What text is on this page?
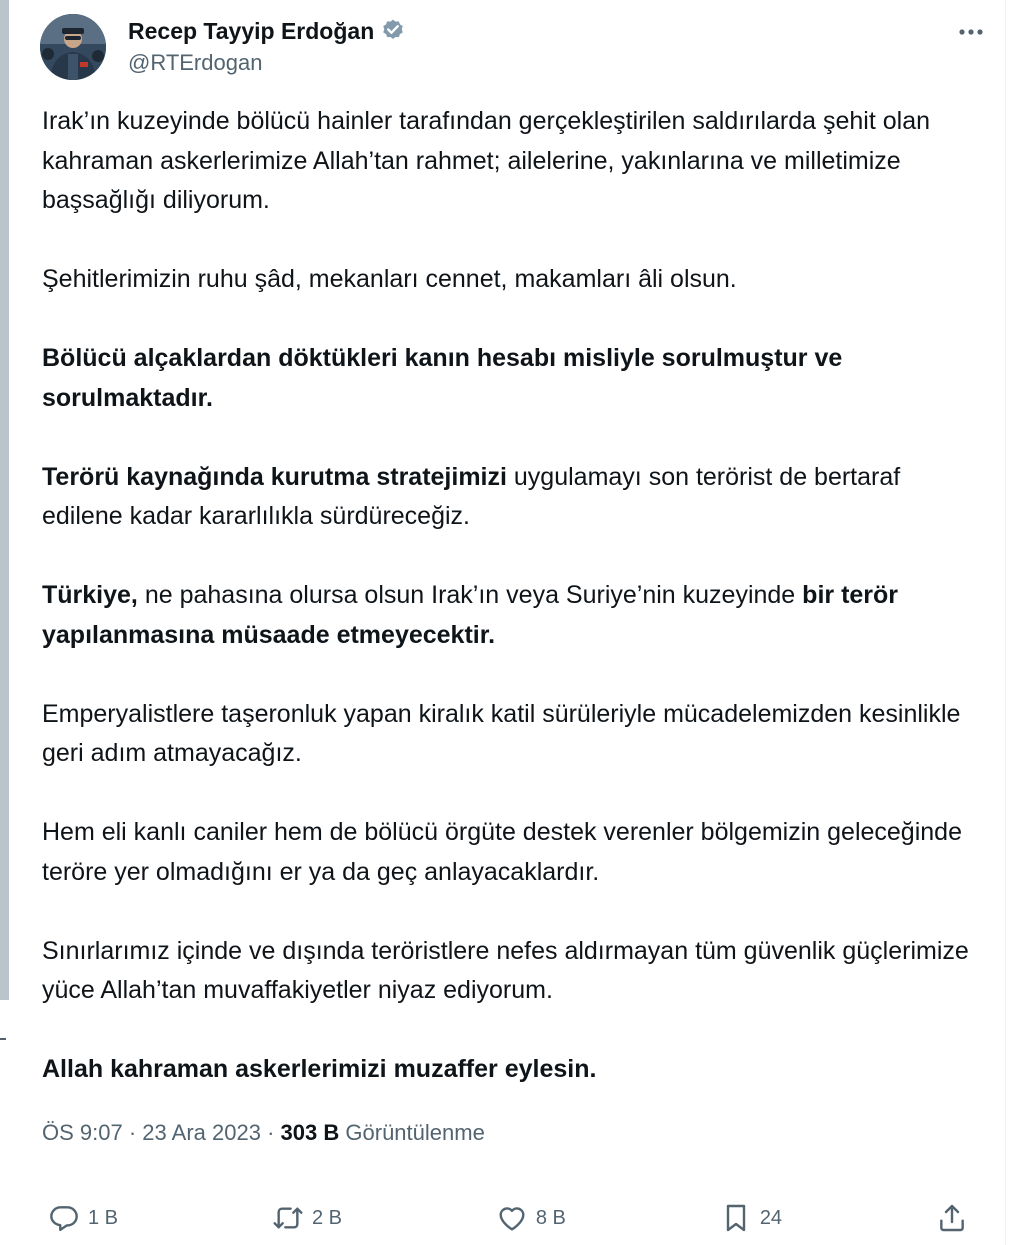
Recep Tayyip Erdoğan
@RTErdogan

Irak’ın kuzeyinde bölücü hainler tarafından gerçekleştirilen saldırılarda şehit olan kahraman askerlerimize Allah’tan rahmet; ailelerine, yakınlarına ve milletimize başsağlığı diliyorum.

Şehitlerimizin ruhu şâd, mekanları cennet, makamları âli olsun.

Bölücü alçaklardan döktükleri kanın hesabı misliyle sorulmuştur ve sorulmaktadır.

Terörü kaynağında kurutma stratejimizi uygulamayı son terörist de bertaraf edilene kadar kararlılıkla sürdüreceğiz.

Türkiye, ne pahasına olursa olsun Irak’ın veya Suriye’nin kuzeyinde bir terör yapılanmasına müsaade etmeyecektir.

Emperyalistlere taşeronluk yapan kiralık katil sürüleriyle mücadelemizden kesinlikle geri adım atmayacağız.

Hem eli kanlı caniler hem de bölücü örgüte destek verenler bölgemizin geleceğinde teröre yer olmadığını er ya da geç anlayacaklardır.

Sınırlarımız içinde ve dışında teröristlere nefes aldırmayan tüm güvenlik güçlerimize yüce Allah’tan muvaffakiyetler niyaz ediyorum.

Allah kahraman askerlerimizi muzaffer eylesin.

ÖS 9:07 · 23 Ara 2023 · 303 B Görüntülenme
1 B	2 B	8 B	24
